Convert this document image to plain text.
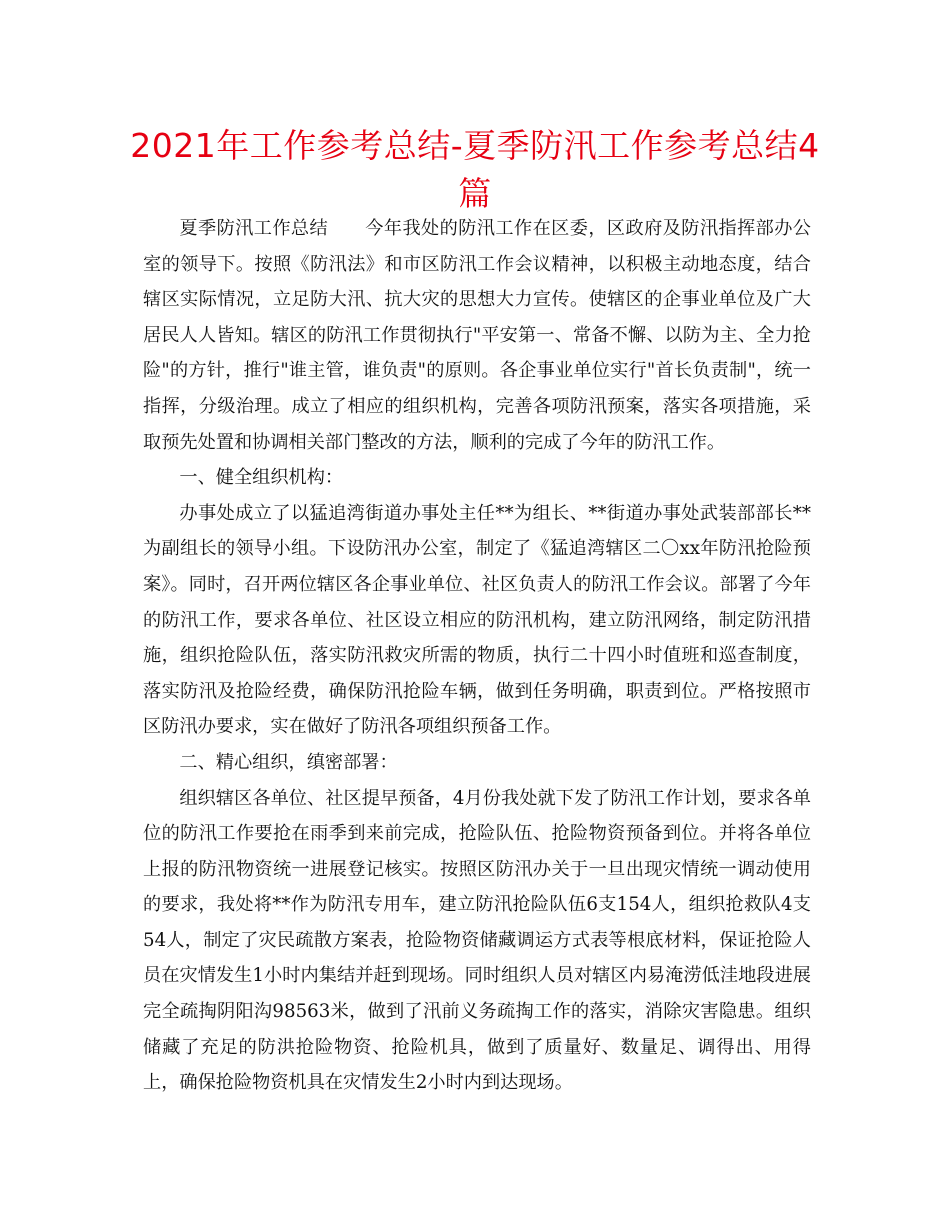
2021年工作参考总结-夏季防汛工作参考总结4篇

夏季防汛工作总结　　今年我处的防汛工作在区委，区政府及防汛指挥部办公室的领导下。按照《防汛法》和市区防汛工作会议精神，以积极主动地态度，结合辖区实际情况，立足防大汛、抗大灾的思想大力宣传。使辖区的企事业单位及广大居民人人皆知。辖区的防汛工作贯彻执行"平安第一、常备不懈、以防为主、全力抢险"的方针，推行"谁主管，谁负责"的原则。各企事业单位实行"首长负责制"，统一指挥，分级治理。成立了相应的组织机构，完善各项防汛预案，落实各项措施，采取预先处置和协调相关部门整改的方法，顺利的完成了今年的防汛工作。

一、健全组织机构：

办事处成立了以猛追湾街道办事处主任**为组长、**街道办事处武装部部长**为副组长的领导小组。下设防汛办公室，制定了《猛追湾辖区二〇xx年防汛抢险预案》。同时，召开两位辖区各企事业单位、社区负责人的防汛工作会议。部署了今年的防汛工作，要求各单位、社区设立相应的防汛机构，建立防汛网络，制定防汛措施，组织抢险队伍，落实防汛救灾所需的物质，执行二十四小时值班和巡查制度，落实防汛及抢险经费，确保防汛抢险车辆，做到任务明确，职责到位。严格按照市区防汛办要求，实在做好了防汛各项组织预备工作。

二、精心组织，缜密部署：

组织辖区各单位、社区提早预备，4月份我处就下发了防汛工作计划，要求各单位的防汛工作要抢在雨季到来前完成，抢险队伍、抢险物资预备到位。并将各单位上报的防汛物资统一进展登记核实。按照区防汛办关于一旦出现灾情统一调动使用的要求，我处将**作为防汛专用车，建立防汛抢险队伍6支154人，组织抢救队4支54人，制定了灾民疏散方案表，抢险物资储藏调运方式表等根底材料，保证抢险人员在灾情发生1小时内集结并赶到现场。同时组织人员对辖区内易淹涝低洼地段进展完全疏掏阴阳沟98563米，做到了汛前义务疏掏工作的落实，消除灾害隐患。组织储藏了充足的防洪抢险物资、抢险机具，做到了质量好、数量足、调得出、用得上，确保抢险物资机具在灾情发生2小时内到达现场。
